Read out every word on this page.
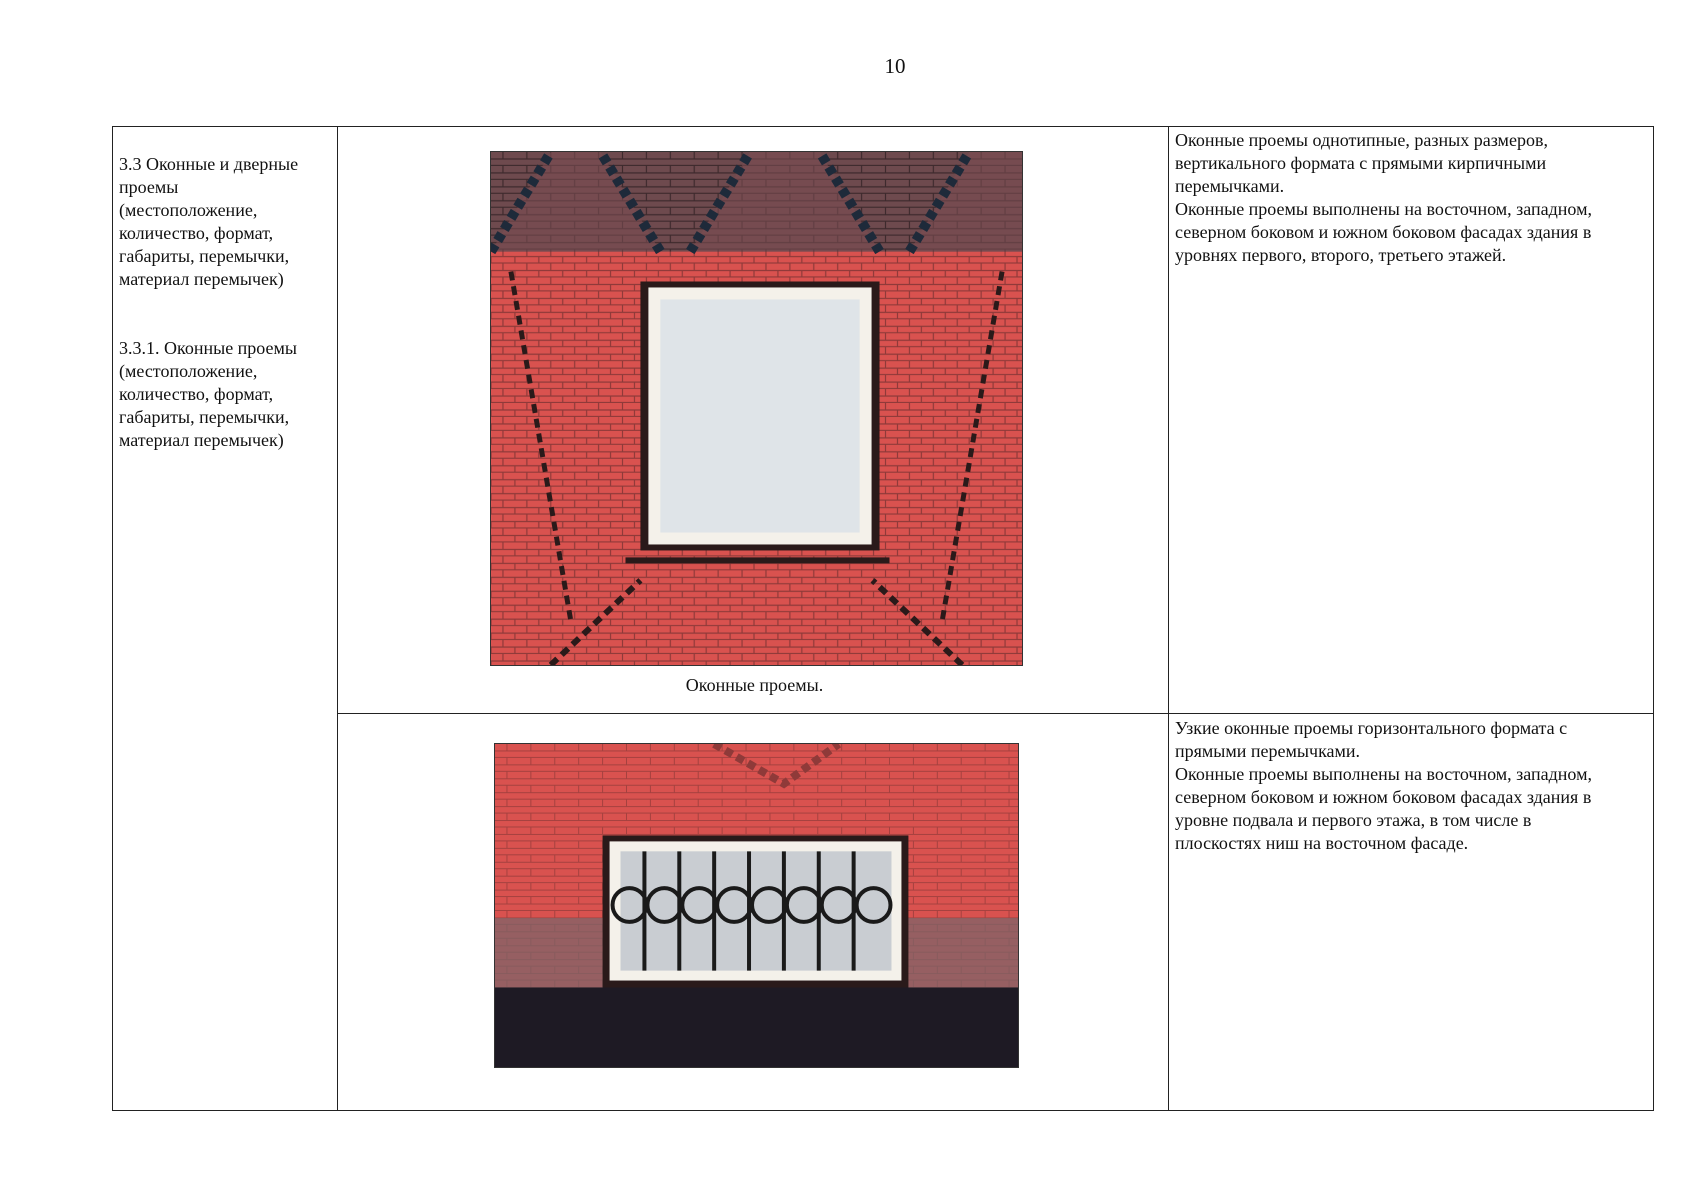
10

3.3 Оконные и дверные
проемы
(местоположение,
количество, формат,
габариты, перемычки,
материал перемычек)

3.3.1. Оконные проемы
(местоположение,
количество, формат,
габариты, перемычки,
материал перемычек)

Оконные проемы.
Оконные проемы однотипные, разных размеров,
вертикального формата с прямыми кирпичными
перемычками.
Оконные проемы выполнены на восточном, западном,
северном боковом и южном боковом фасадах здания в
уровнях первого, второго, третьего этажей.
Узкие оконные проемы горизонтального формата с
прямыми перемычками.
Оконные проемы выполнены на восточном, западном,
северном боковом и южном боковом фасадах здания в
уровне подвала и первого этажа, в том числе в
плоскостях ниш на восточном фасаде.
